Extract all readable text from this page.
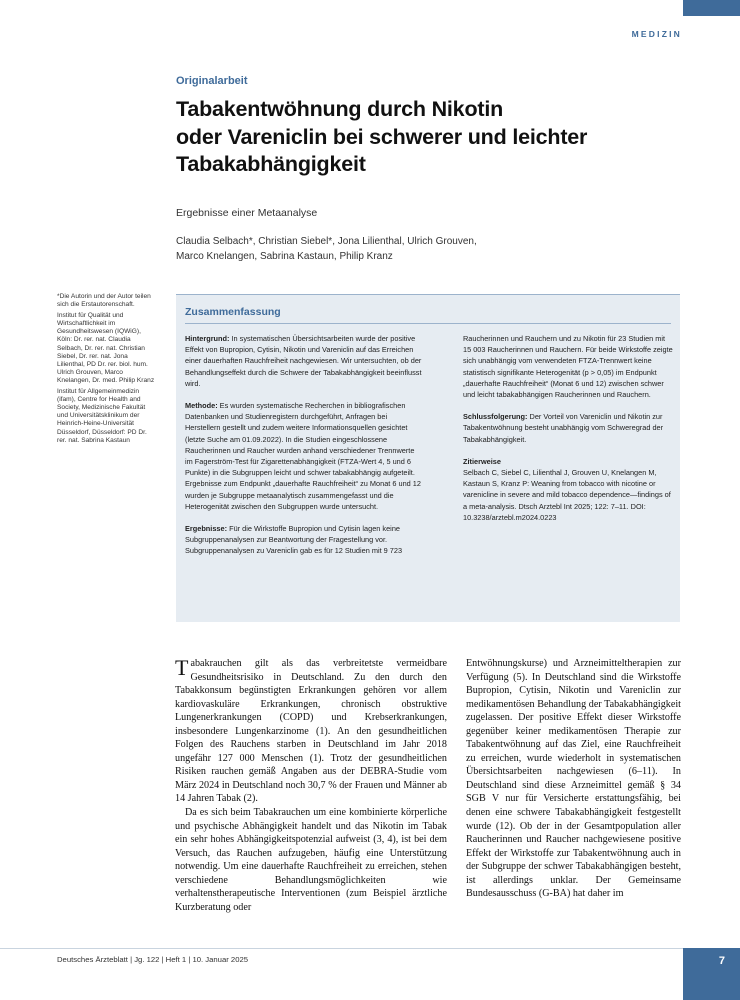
MEDIZIN
Originalarbeit
Tabakentwöhnung durch Nikotin
oder Vareniclin bei schwerer und leichter
Tabakabhängigkeit
Ergebnisse einer Metaanalyse
Claudia Selbach*, Christian Siebel*, Jona Lilienthal, Ulrich Grouven,
Marco Knelangen, Sabrina Kastaun, Philip Kranz

*Die Autorin und der Autor teilen sich die Erstautorenschaft.

Institut für Qualität und Wirtschaftlichkeit im Gesundheitswesen (IQWiG), Köln: Dr. rer. nat. Claudia Selbach, Dr. rer. nat. Christian Siebel, Dr. rer. nat. Jona Lilienthal, PD Dr. rer. biol. hum. Ulrich Grouven, Marco Knelangen, Dr. med. Philip Kranz

Institut für Allgemeinmedizin (ifam), Centre for Health and Society, Medizinische Fakultät und Universitätsklinikum der Heinrich-Heine-Universität Düsseldorf, Düsseldorf: PD Dr. rer. nat. Sabrina Kastaun

Zusammenfassung

Hintergrund: In systematischen Übersichtsarbeiten wurde der positive Effekt von Bupropion, Cytisin, Nikotin und Vareniclin auf das Erreichen einer dauerhaften Rauchfreiheit nachgewiesen. Wir untersuchten, ob der Behandlungseffekt durch die Schwere der Tabakabhängigkeit beeinflusst wird.

Methode: Es wurden systematische Recherchen in bibliografischen Datenbanken und Studienregistern durchgeführt, Anfragen bei Herstellern gestellt und zudem weitere Informationsquellen gesichtet (letzte Suche am 01.09.2022). In die Studien eingeschlossene Raucherinnen und Raucher wurden anhand verschiedener Trennwerte im Fagerström-Test für Zigarettenabhängigkeit (FTZA-Wert 4, 5 und 6 Punkte) in die Subgruppen leicht und schwer tabakabhängig aufgeteilt. Ergebnisse zum Endpunkt „dauerhafte Rauchfreiheit“ zu Monat 6 und 12 wurden je Subgruppe metaanalytisch zusammengefasst und die Heterogenität zwischen den Subgruppen wurde untersucht.

Ergebnisse: Für die Wirkstoffe Bupropion und Cytisin lagen keine Subgruppenanalysen zur Beantwortung der Fragestellung vor. Subgruppenanalysen zu Vareniclin gab es für 12 Studien mit 9 723

Raucherinnen und Rauchern und zu Nikotin für 23 Studien mit 15 003 Raucherinnen und Rauchern. Für beide Wirkstoffe zeigte sich unabhängig vom verwendeten FTZA-Trennwert keine statistisch signifikante Heterogenität (p > 0,05) im Endpunkt „dauerhafte Rauchfreiheit“ (Monat 6 und 12) zwischen schwer und leicht tabakabhängigen Raucherinnen und Rauchern.

Schlussfolgerung: Der Vorteil von Vareniclin und Nikotin zur Tabakentwöhnung besteht unabhängig vom Schweregrad der Tabakabhängigkeit.

Zitierweise
Selbach C, Siebel C, Lilienthal J, Grouven U, Knelangen M, Kastaun S, Kranz P: Weaning from tobacco with nicotine or varenicline in severe and mild tobacco dependence—findings of a meta-analysis. Dtsch Arztebl Int 2025; 122: 7–11. DOI: 10.3238/arztebl.m2024.0223

Tabakrauchen gilt als das verbreitetste vermeidbare Gesundheitsrisiko in Deutschland. Zu den durch den Tabakkonsum begünstigten Erkrankungen gehören vor allem kardiovaskuläre Erkrankungen, chronisch obstruktive Lungenerkrankungen (COPD) und Krebserkrankungen, insbesondere Lungenkarzinome (1). An den gesundheitlichen Folgen des Rauchens starben in Deutschland im Jahr 2018 ungefähr 127 000 Menschen (1). Trotz der gesundheitlichen Risiken rauchen gemäß Angaben aus der DEBRA-Studie vom März 2024 in Deutschland noch 30,7 % der Frauen und Männer ab 14 Jahren Tabak (2).

Da es sich beim Tabakrauchen um eine kombinierte körperliche und psychische Abhängigkeit handelt und das Nikotin im Tabak ein sehr hohes Abhängigkeitspotenzial aufweist (3, 4), ist bei dem Versuch, das Rauchen aufzugeben, häufig eine Unterstützung notwendig. Um eine dauerhafte Rauchfreiheit zu erreichen, stehen verschiedene Behandlungsmöglichkeiten wie verhaltenstherapeutische Interventionen (zum Beispiel ärztliche Kurzberatung oder

Entwöhnungskurse) und Arzneimitteltherapien zur Verfügung (5). In Deutschland sind die Wirkstoffe Bupropion, Cytisin, Nikotin und Vareniclin zur medikamentösen Behandlung der Tabakabhängigkeit zugelassen. Der positive Effekt dieser Wirkstoffe gegenüber keiner medikamentösen Therapie zur Tabakentwöhnung auf das Ziel, eine Rauchfreiheit zu erreichen, wurde wiederholt in systematischen Übersichtsarbeiten nachgewiesen (6–11). In Deutschland sind diese Arzneimittel gemäß § 34 SGB V nur für Versicherte erstattungsfähig, bei denen eine schwere Tabakabhängigkeit festgestellt wurde (12). Ob der in der Gesamtpopulation aller Raucherinnen und Raucher nachgewiesene positive Effekt der Wirkstoffe zur Tabakentwöhnung auch in der Subgruppe der schwer Tabakabhängigen besteht, ist allerdings unklar. Der Gemeinsame Bundesausschuss (G-BA) hat daher im

Deutsches Ärzteblatt | Jg. 122 | Heft 1 | 10. Januar 2025	7
